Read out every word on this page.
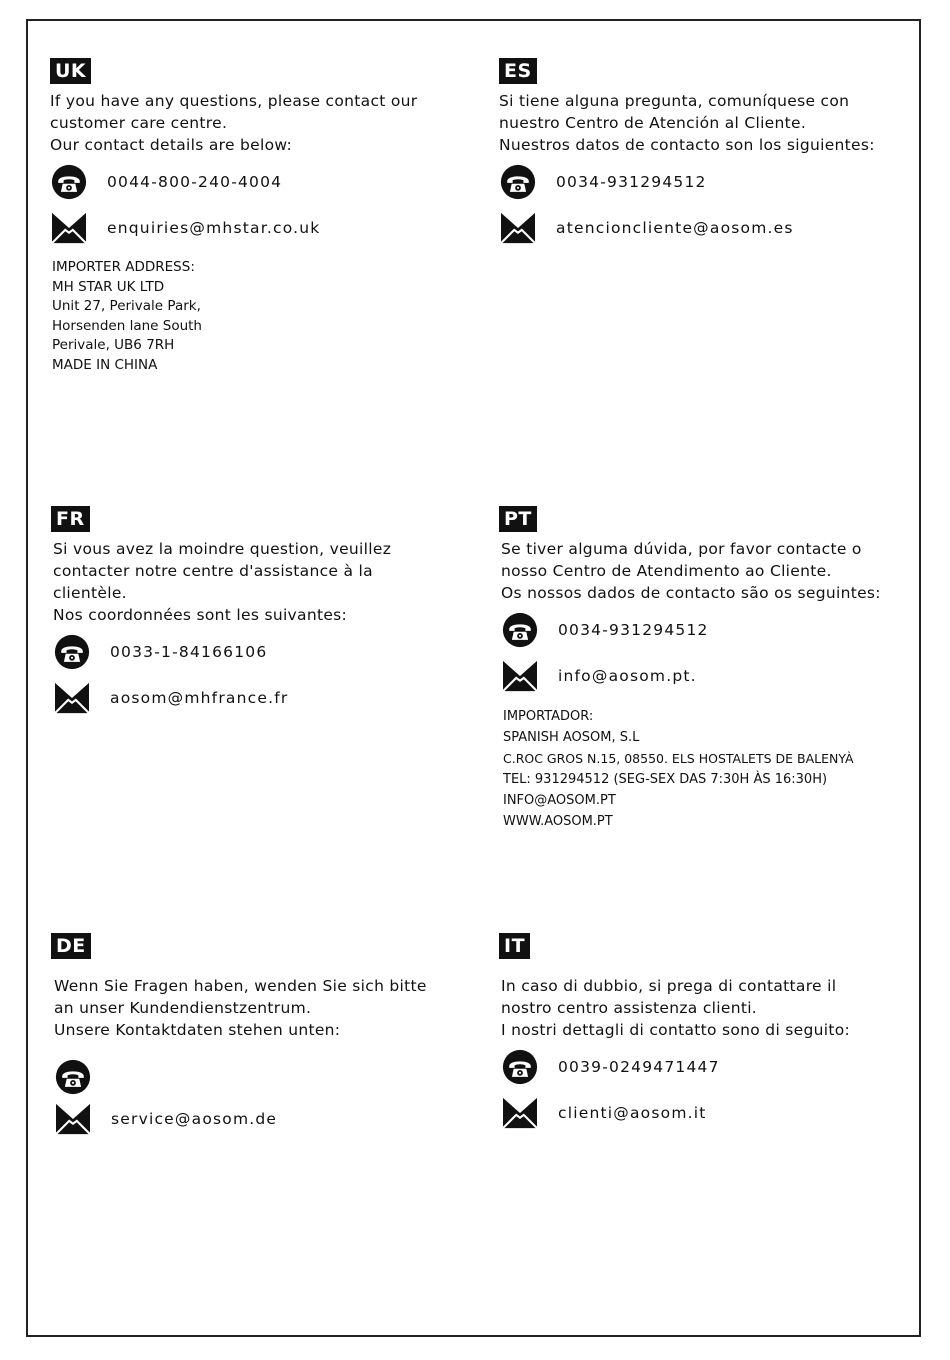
UK
If you have any questions, please contact our
customer care centre.
Our contact details are below:
0044-800-240-4004
enquiries@mhstar.co.uk
IMPORTER ADDRESS:
MH STAR UK LTD
Unit 27, Perivale Park,
Horsenden lane South
Perivale, UB6 7RH
MADE IN CHINA
ES
Si tiene alguna pregunta, comuníquese con
nuestro Centro de Atención al Cliente.
Nuestros datos de contacto son los siguientes:
0034-931294512
atencioncliente@aosom.es
FR
Si vous avez la moindre question, veuillez
contacter notre centre d'assistance à la
clientèle.
Nos coordonnées sont les suivantes:
0033-1-84166106
aosom@mhfrance.fr
PT
Se tiver alguma dúvida, por favor contacte o
nosso Centro de Atendimento ao Cliente.
Os nossos dados de contacto são os seguintes:
0034-931294512
info@aosom.pt.
IMPORTADOR:
SPANISH AOSOM, S.L
C.ROC GROS N.15, 08550. ELS HOSTALETS DE BALENYÀ
TEL: 931294512 (SEG-SEX DAS 7:30H ÀS 16:30H)
INFO@AOSOM.PT
WWW.AOSOM.PT
DE
Wenn Sie Fragen haben, wenden Sie sich bitte
an unser Kundendienstzentrum.
Unsere Kontaktdaten stehen unten:
service@aosom.de
IT
In caso di dubbio, si prega di contattare il
nostro centro assistenza clienti.
I nostri dettagli di contatto sono di seguito:
0039-0249471447
clienti@aosom.it
